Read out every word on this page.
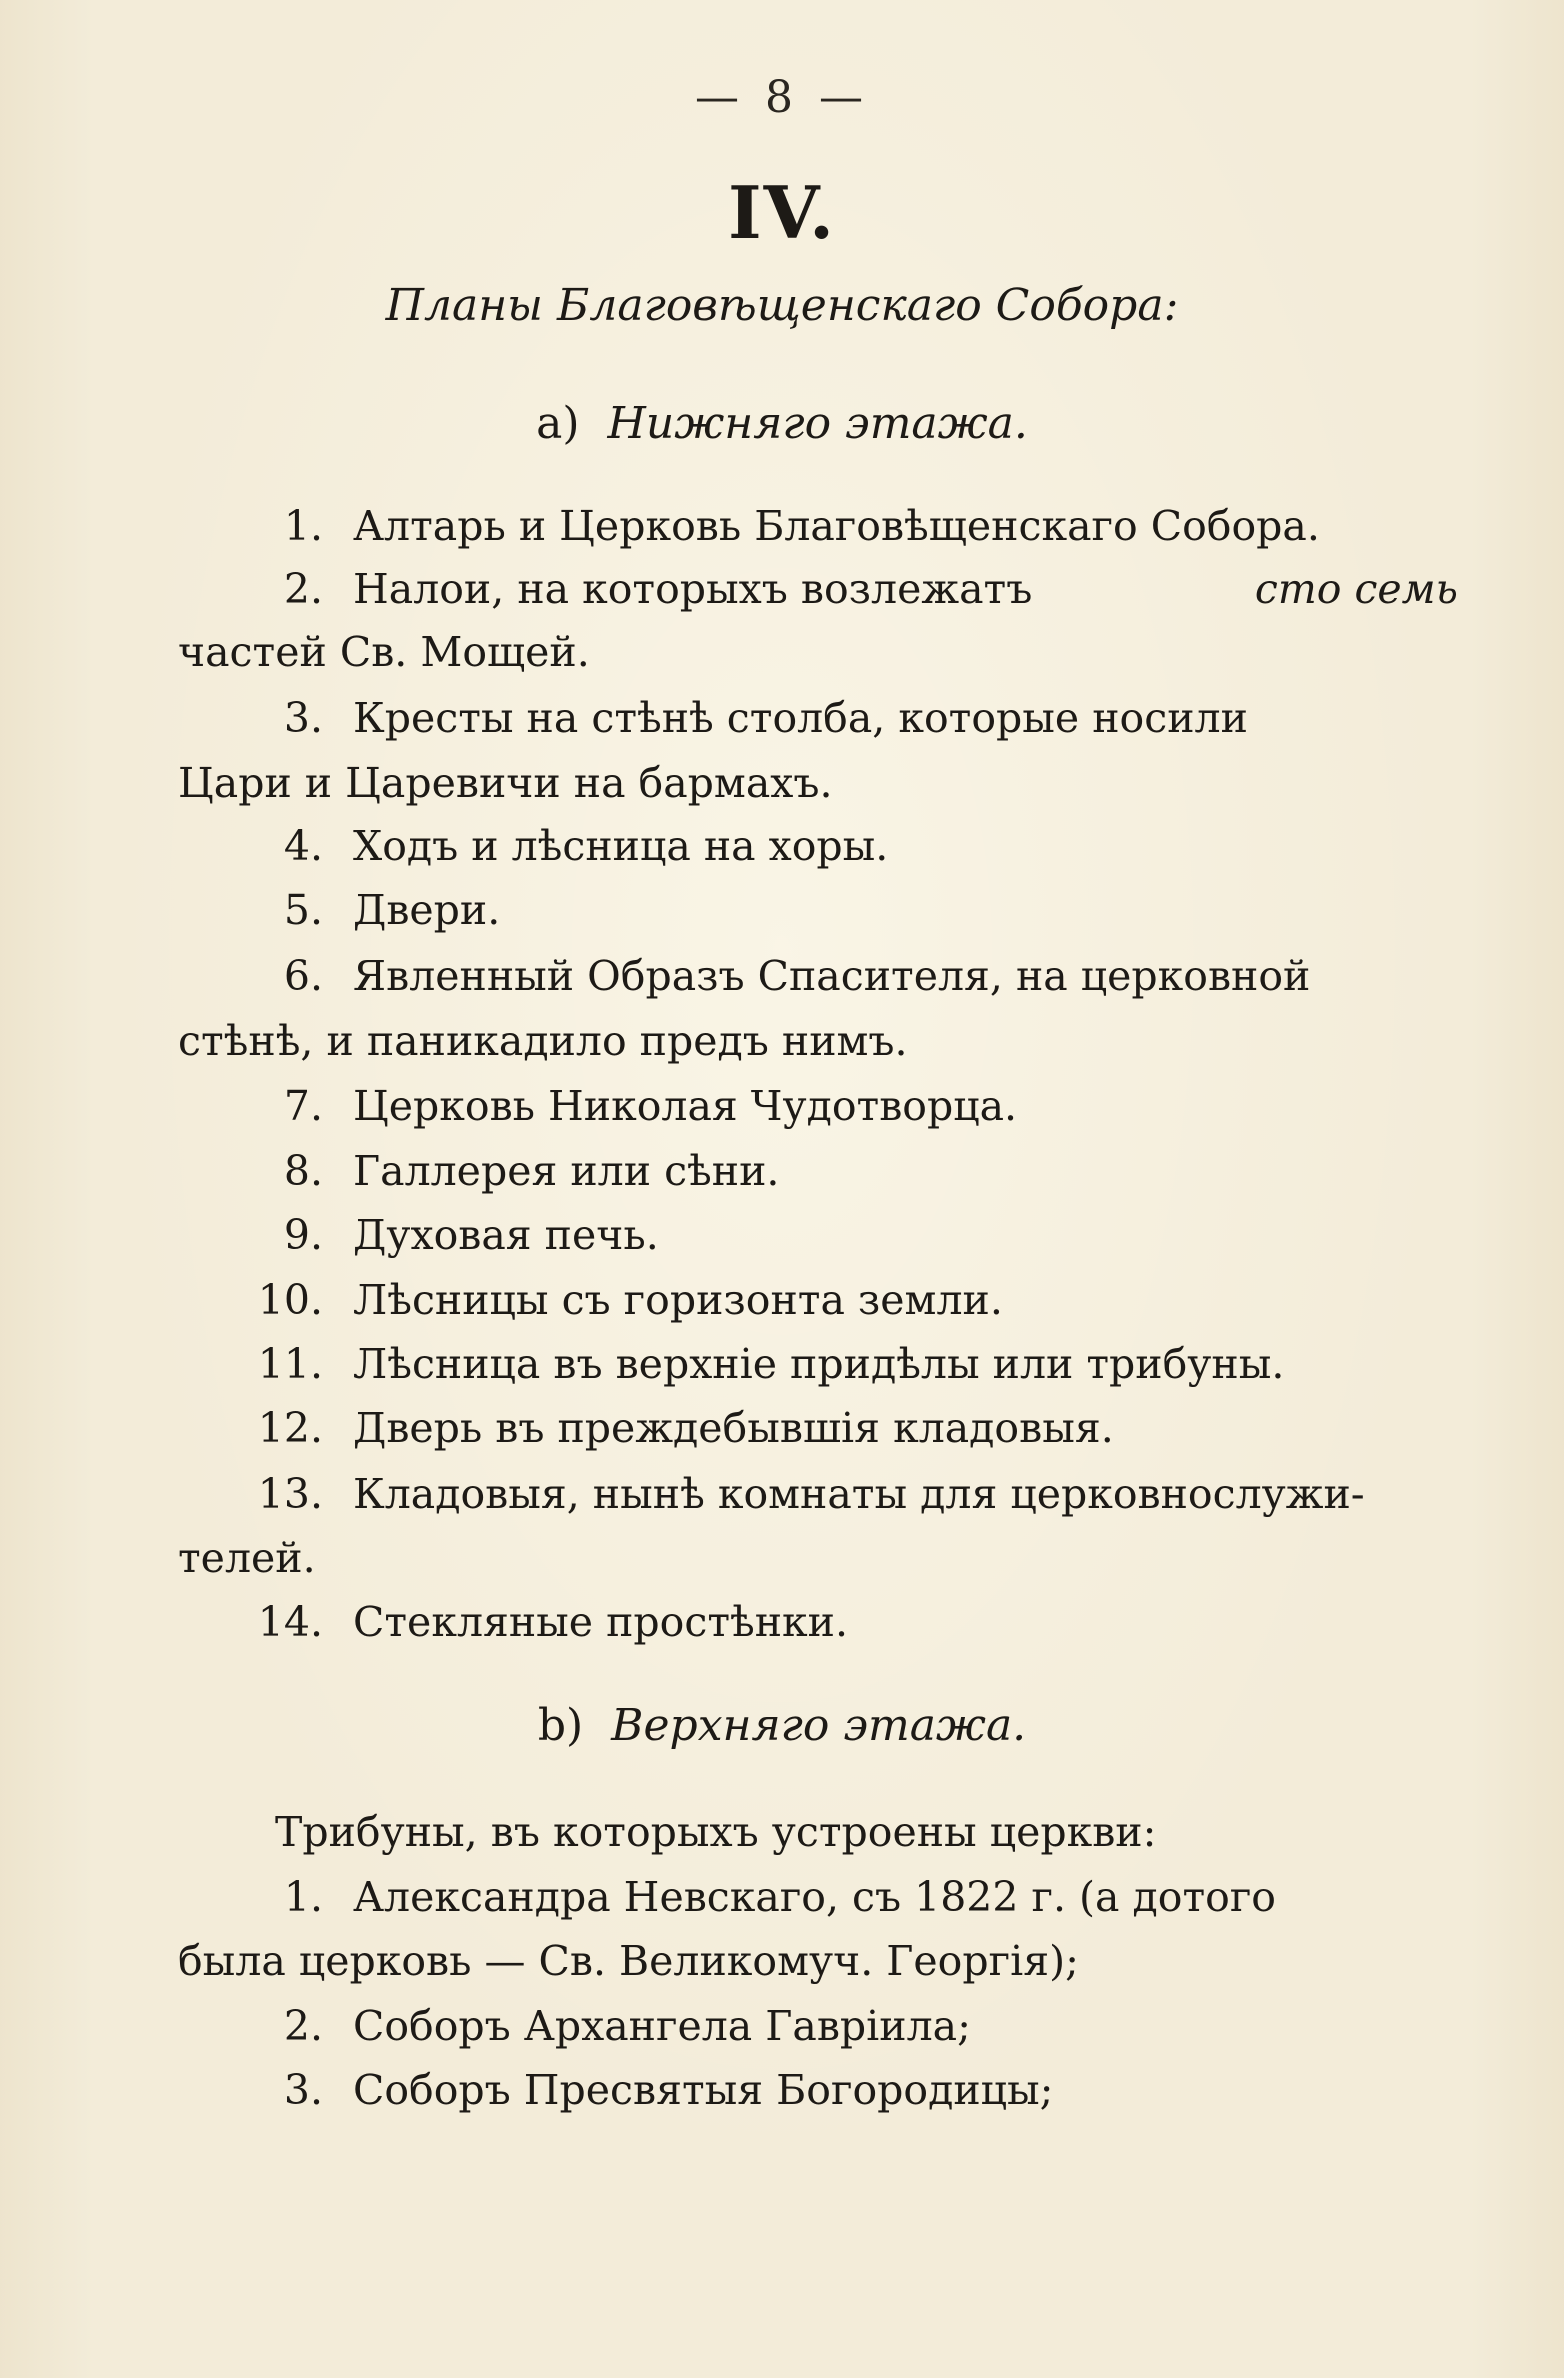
— 8 —
IV.
Планы Благовѣщенскаго Собора:
а) Нижняго этажа.
1. Алтарь и Церковь Благовѣщенскаго Собора.
2. Налои, на которыхъ возлежатъ	сто семь
частей Св. Мощей.
3. Кресты на стѣнѣ столба, которые носили
Цари и Царевичи на бармахъ.
4. Ходъ и лѣсница на хоры.
5. Двери.
6. Явленный Образъ Спасителя, на церковной
стѣнѣ, и паникадило предъ нимъ.
7. Церковь Николая Чудотворца.
8. Галлерея или сѣни.
9. Духовая печь.
10. Лѣсницы съ горизонта земли.
11. Лѣсница въ верхніе придѣлы или трибуны.
12. Дверь въ преждебывшія кладовыя.
13. Кладовыя, нынѣ комнаты для церковнослужи-
телей.
14. Стекляные простѣнки.
b) Верхняго этажа.
Трибуны, въ которыхъ устроены церкви:
1. Александра Невскаго, съ 1822 г. (а дотого
была церковь — Св. Великомуч. Георгія);
2. Соборъ Архангела Гавріила;
3. Соборъ Пресвятыя Богородицы;
